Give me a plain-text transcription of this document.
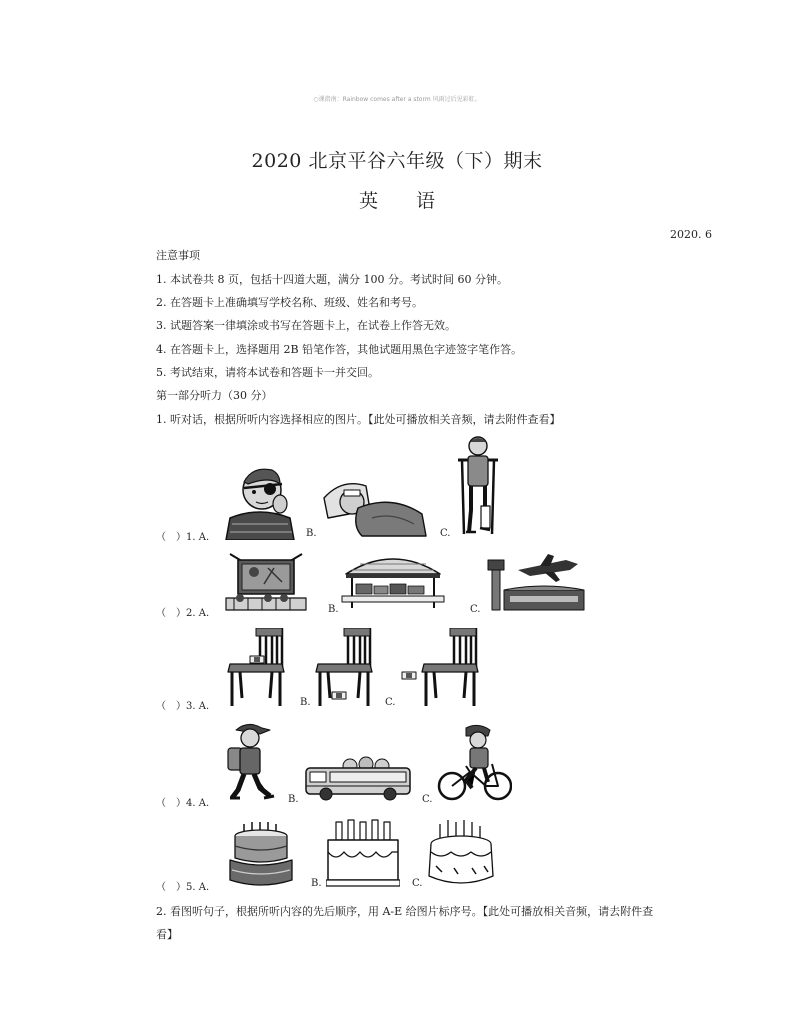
○课指南：Rainbow comes after a storm 风雨过后见彩虹。
2020 北京平谷六年级（下）期末
英　　语
2020. 6
注意事项
1. 本试卷共 8 页，包括十四道大题，满分 100 分。考试时间 60 分钟。
2. 在答题卡上准确填写学校名称、班级、姓名和考号。
3. 试题答案一律填涂或书写在答题卡上，在试卷上作答无效。
4. 在答题卡上，选择题用 2B 铅笔作答，其他试题用黑色字迹签字笔作答。
5. 考试结束，请将本试卷和答题卡一并交回。
第一部分听力（30 分）
1. 听对话，根据所听内容选择相应的图片。【此处可播放相关音频，请去附件查看】
（　）1. A.	B.	C.
（　）2. A.	B.	C.
（　）3. A.	B.	C.
（　）4. A.	B.	C.
（　）5. A.	B.	C.
2. 看图听句子，根据所听内容的先后顺序，用 A-E 给图片标序号。【此处可播放相关音频，请去附件查
看】
